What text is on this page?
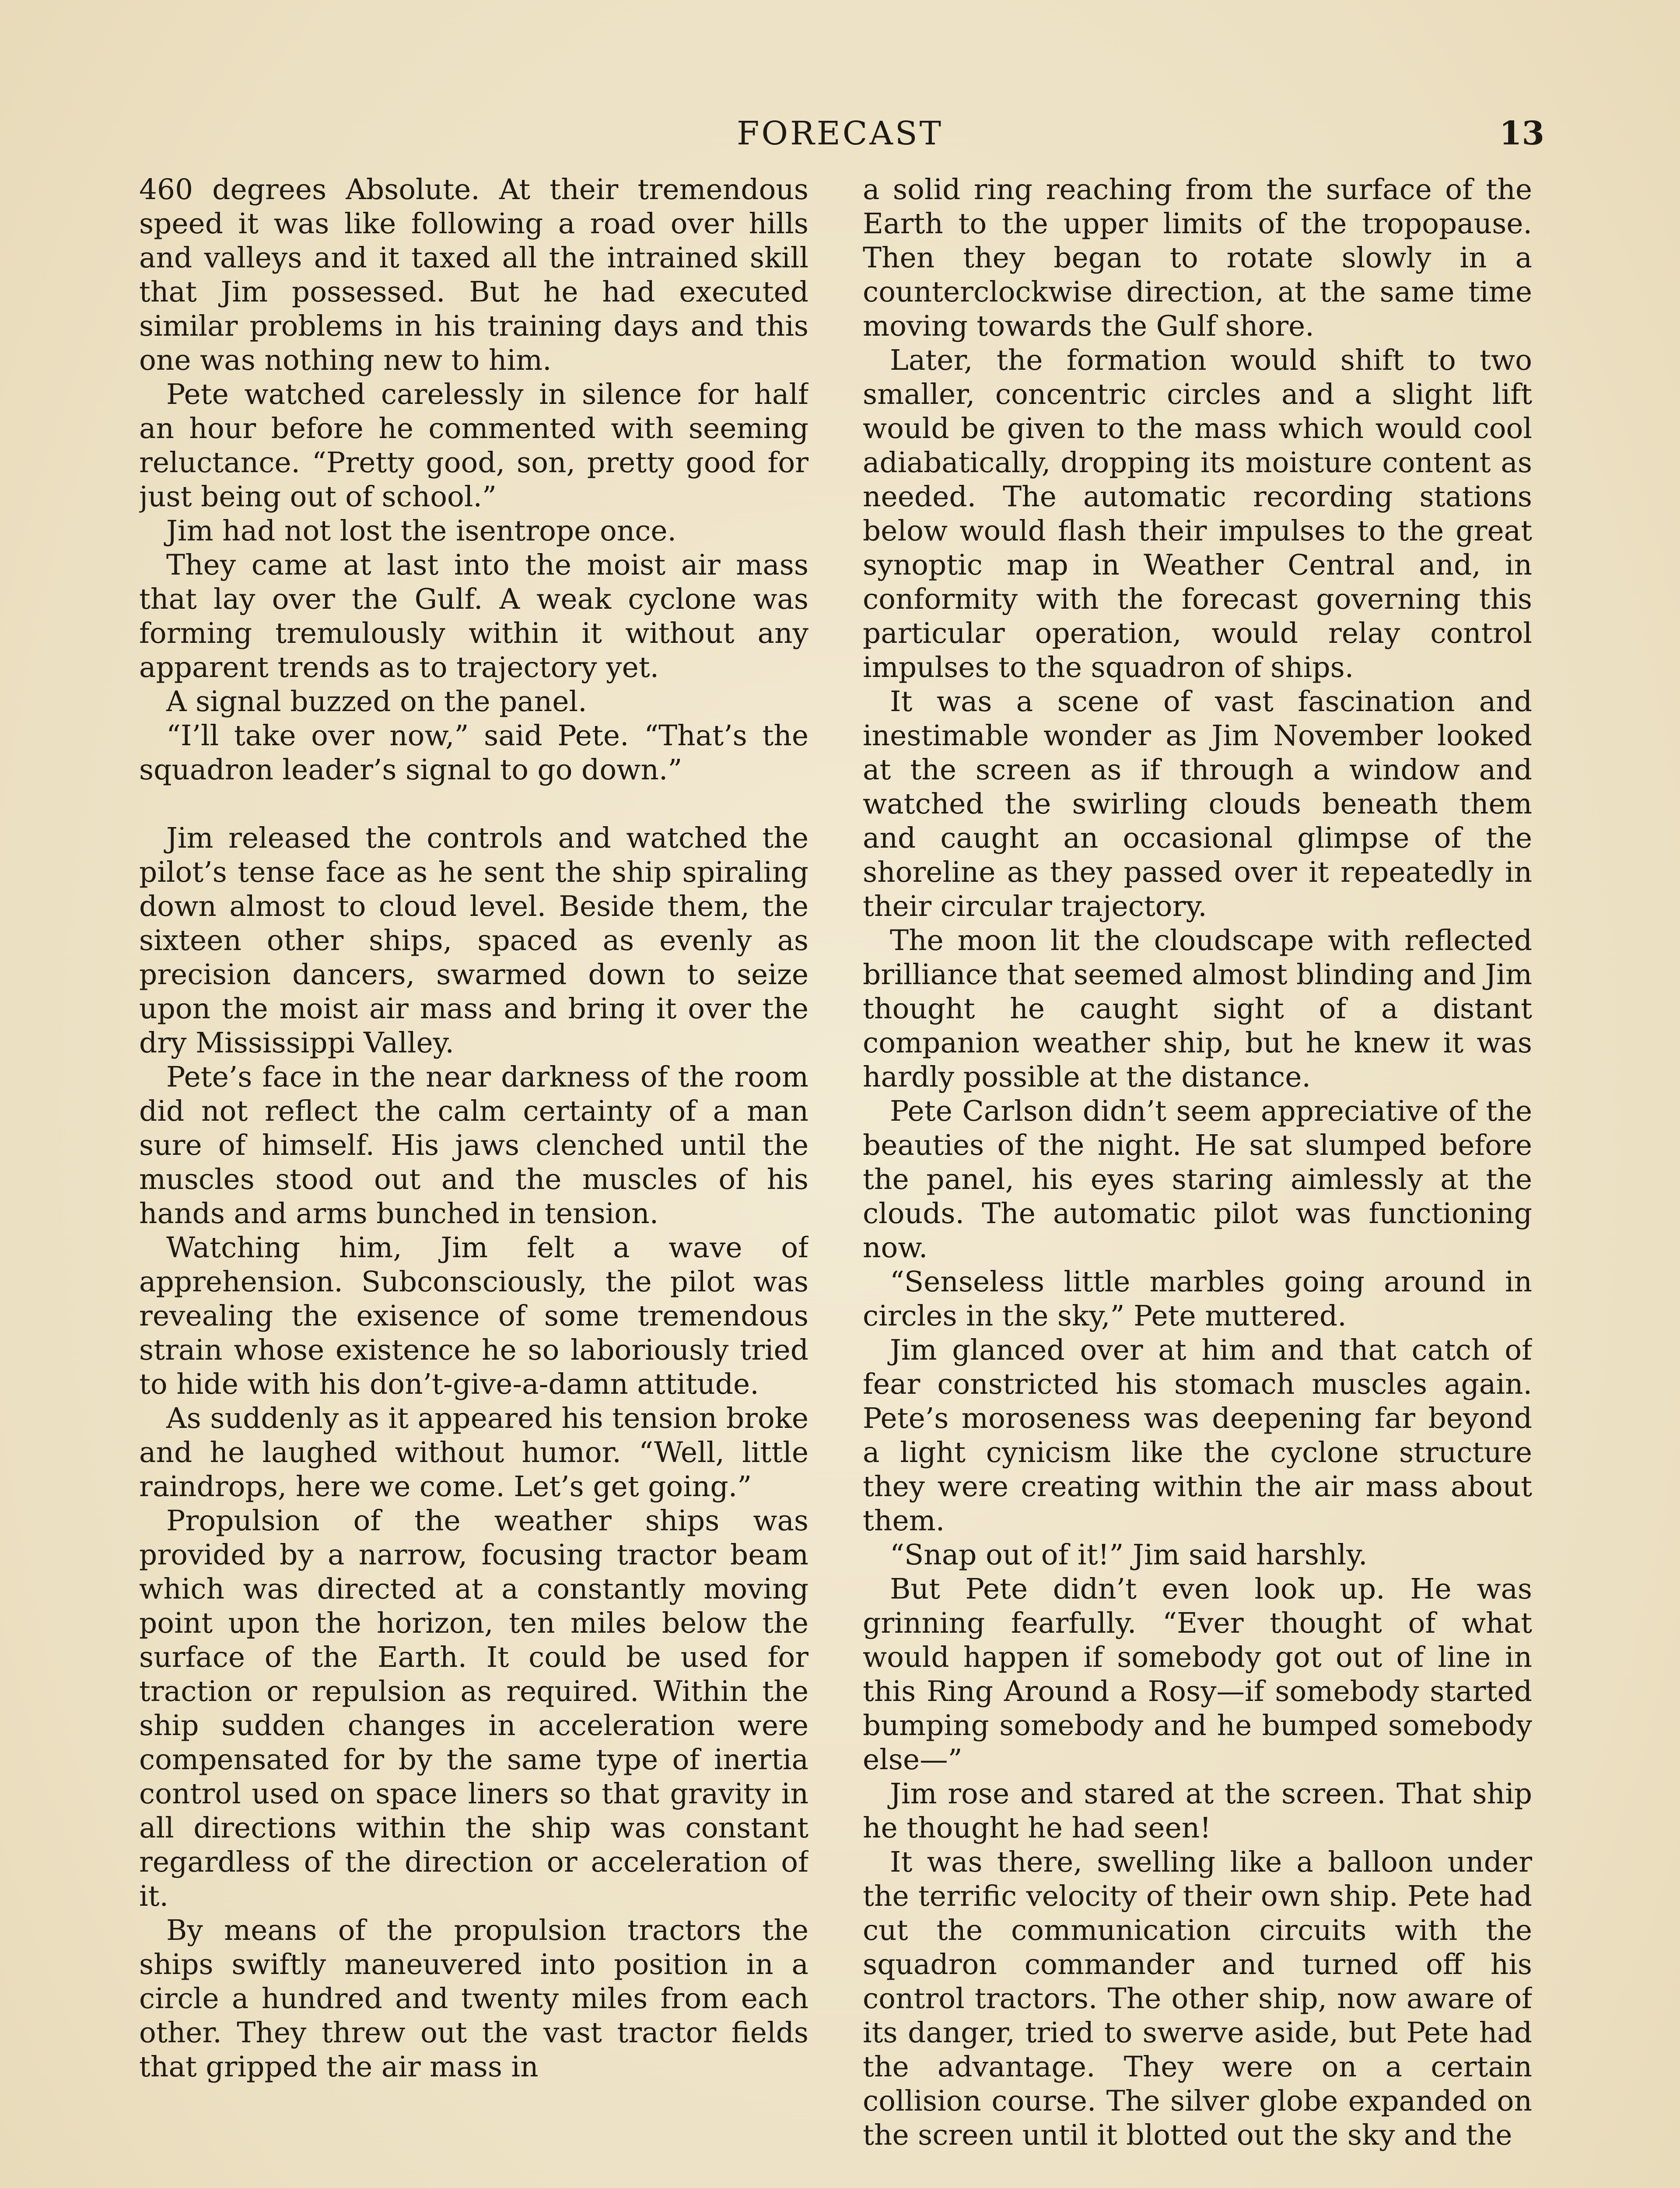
FORECAST	13

460 degrees Absolute. At their tremendous speed it was like following a road over hills and valleys and it taxed all the intrained skill that Jim possessed. But he had executed similar problems in his training days and this one was nothing new to him.

Pete watched carelessly in silence for half an hour before he commented with seeming reluctance. “Pretty good, son, pretty good for just being out of school.”

Jim had not lost the isentrope once.

They came at last into the moist air mass that lay over the Gulf. A weak cyclone was forming tremulously within it without any apparent trends as to trajectory yet.

A signal buzzed on the panel.

“I’ll take over now,” said Pete. “That’s the squadron leader’s signal to go down.”

Jim released the controls and watched the pilot’s tense face as he sent the ship spiraling down almost to cloud level. Beside them, the sixteen other ships, spaced as evenly as precision dancers, swarmed down to seize upon the moist air mass and bring it over the dry Mississippi Valley.

Pete’s face in the near darkness of the room did not reflect the calm certainty of a man sure of himself. His jaws clenched until the muscles stood out and the muscles of his hands and arms bunched in tension.

Watching him, Jim felt a wave of apprehension. Subconsciously, the pilot was revealing the exisence of some tremendous strain whose existence he so laboriously tried to hide with his don’t-give-a-damn attitude.

As suddenly as it appeared his tension broke and he laughed without humor. “Well, little raindrops, here we come. Let’s get going.”

Propulsion of the weather ships was provided by a narrow, focusing tractor beam which was directed at a constantly moving point upon the horizon, ten miles below the surface of the Earth. It could be used for traction or repulsion as required. Within the ship sudden changes in acceleration were compensated for by the same type of inertia control used on space liners so that gravity in all directions within the ship was constant regardless of the direction or acceleration of it.

By means of the propulsion tractors the ships swiftly maneuvered into position in a circle a hundred and twenty miles from each other. They threw out the vast tractor fields that gripped the air mass in

a solid ring reaching from the surface of the Earth to the upper limits of the tropopause. Then they began to rotate slowly in a counterclockwise direction, at the same time moving towards the Gulf shore.

Later, the formation would shift to two smaller, concentric circles and a slight lift would be given to the mass which would cool adiabatically, dropping its moisture content as needed. The automatic recording stations below would flash their impulses to the great synoptic map in Weather Central and, in conformity with the forecast governing this particular operation, would relay control impulses to the squadron of ships.

It was a scene of vast fascination and inestimable wonder as Jim November looked at the screen as if through a window and watched the swirling clouds beneath them and caught an occasional glimpse of the shoreline as they passed over it repeatedly in their circular trajectory.

The moon lit the cloudscape with reflected brilliance that seemed almost blinding and Jim thought he caught sight of a distant companion weather ship, but he knew it was hardly possible at the distance.

Pete Carlson didn’t seem appreciative of the beauties of the night. He sat slumped before the panel, his eyes staring aimlessly at the clouds. The automatic pilot was functioning now.

“Senseless little marbles going around in circles in the sky,” Pete muttered.

Jim glanced over at him and that catch of fear constricted his stomach muscles again. Pete’s moroseness was deepening far beyond a light cynicism like the cyclone structure they were creating within the air mass about them.

“Snap out of it!” Jim said harshly.

But Pete didn’t even look up. He was grinning fearfully. “Ever thought of what would happen if somebody got out of line in this Ring Around a Rosy—if somebody started bumping somebody and he bumped somebody else—”

Jim rose and stared at the screen. That ship he thought he had seen!

It was there, swelling like a balloon under the terrific velocity of their own ship. Pete had cut the communication circuits with the squadron commander and turned off his control tractors. The other ship, now aware of its danger, tried to swerve aside, but Pete had the advantage. They were on a certain collision course. The silver globe expanded on the screen until it blotted out the sky and the
